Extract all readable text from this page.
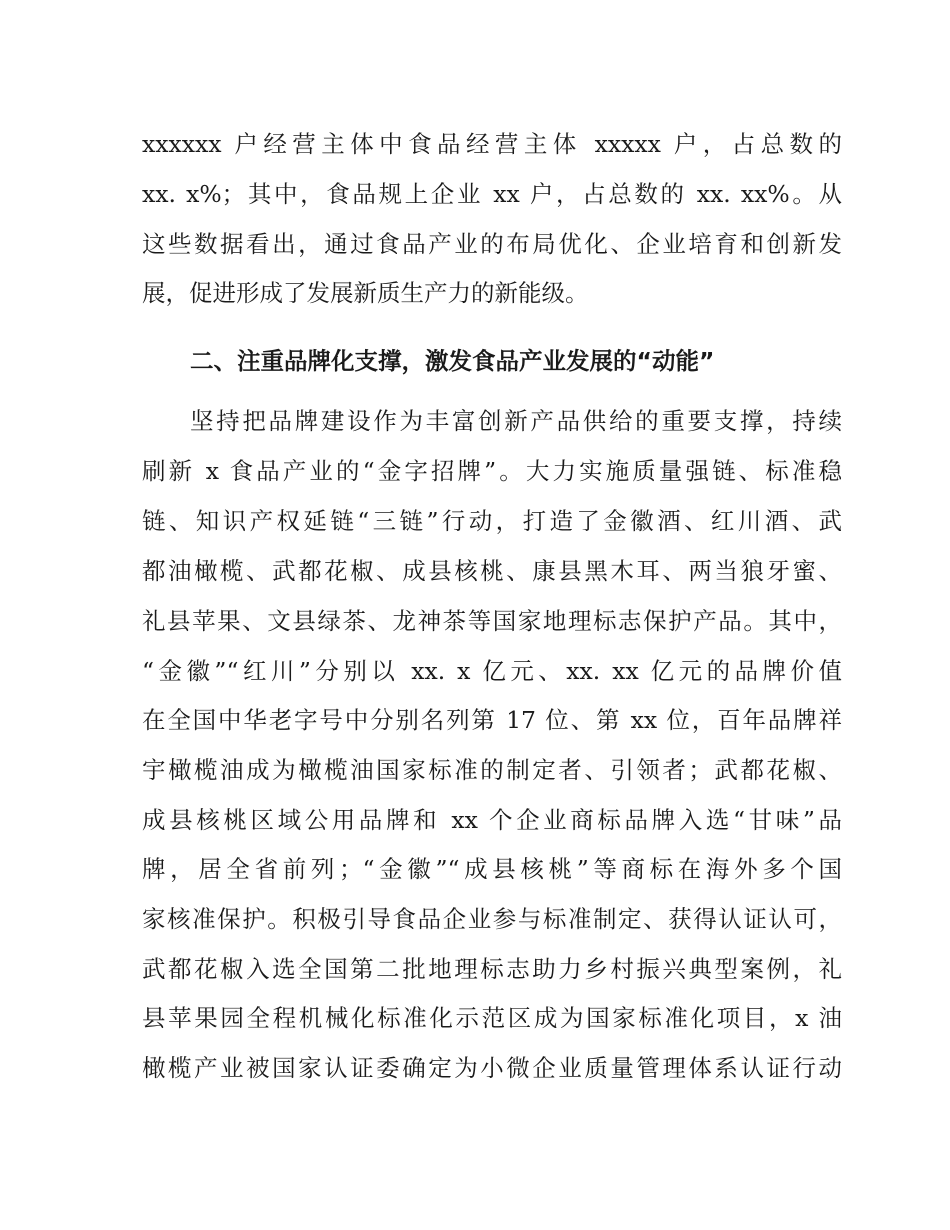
xxxxxx 户经营主体中食品经营主体 xxxxx 户，占总数的
xx. x%；其中，食品规上企业 xx 户，占总数的 xx. xx%。从
这些数据看出，通过食品产业的布局优化、企业培育和创新发
展，促进形成了发展新质生产力的新能级。
二、注重品牌化支撑，激发食品产业发展的“动能”
坚持把品牌建设作为丰富创新产品供给的重要支撑，持续
刷新 x 食品产业的“金字招牌”。大力实施质量强链、标准稳
链、知识产权延链“三链”行动，打造了金徽酒、红川酒、武
都油橄榄、武都花椒、成县核桃、康县黑木耳、两当狼牙蜜、
礼县苹果、文县绿茶、龙神茶等国家地理标志保护产品。其中，
“金徽”“红川”分别以 xx. x 亿元、xx. xx 亿元的品牌价值
在全国中华老字号中分别名列第 17 位、第 xx 位，百年品牌祥
宇橄榄油成为橄榄油国家标准的制定者、引领者；武都花椒、
成县核桃区域公用品牌和 xx 个企业商标品牌入选“甘味”品
牌，居全省前列；“金徽”“成县核桃”等商标在海外多个国
家核准保护。积极引导食品企业参与标准制定、获得认证认可，
武都花椒入选全国第二批地理标志助力乡村振兴典型案例，礼
县苹果园全程机械化标准化示范区成为国家标准化项目，x 油
橄榄产业被国家认证委确定为小微企业质量管理体系认证行动
